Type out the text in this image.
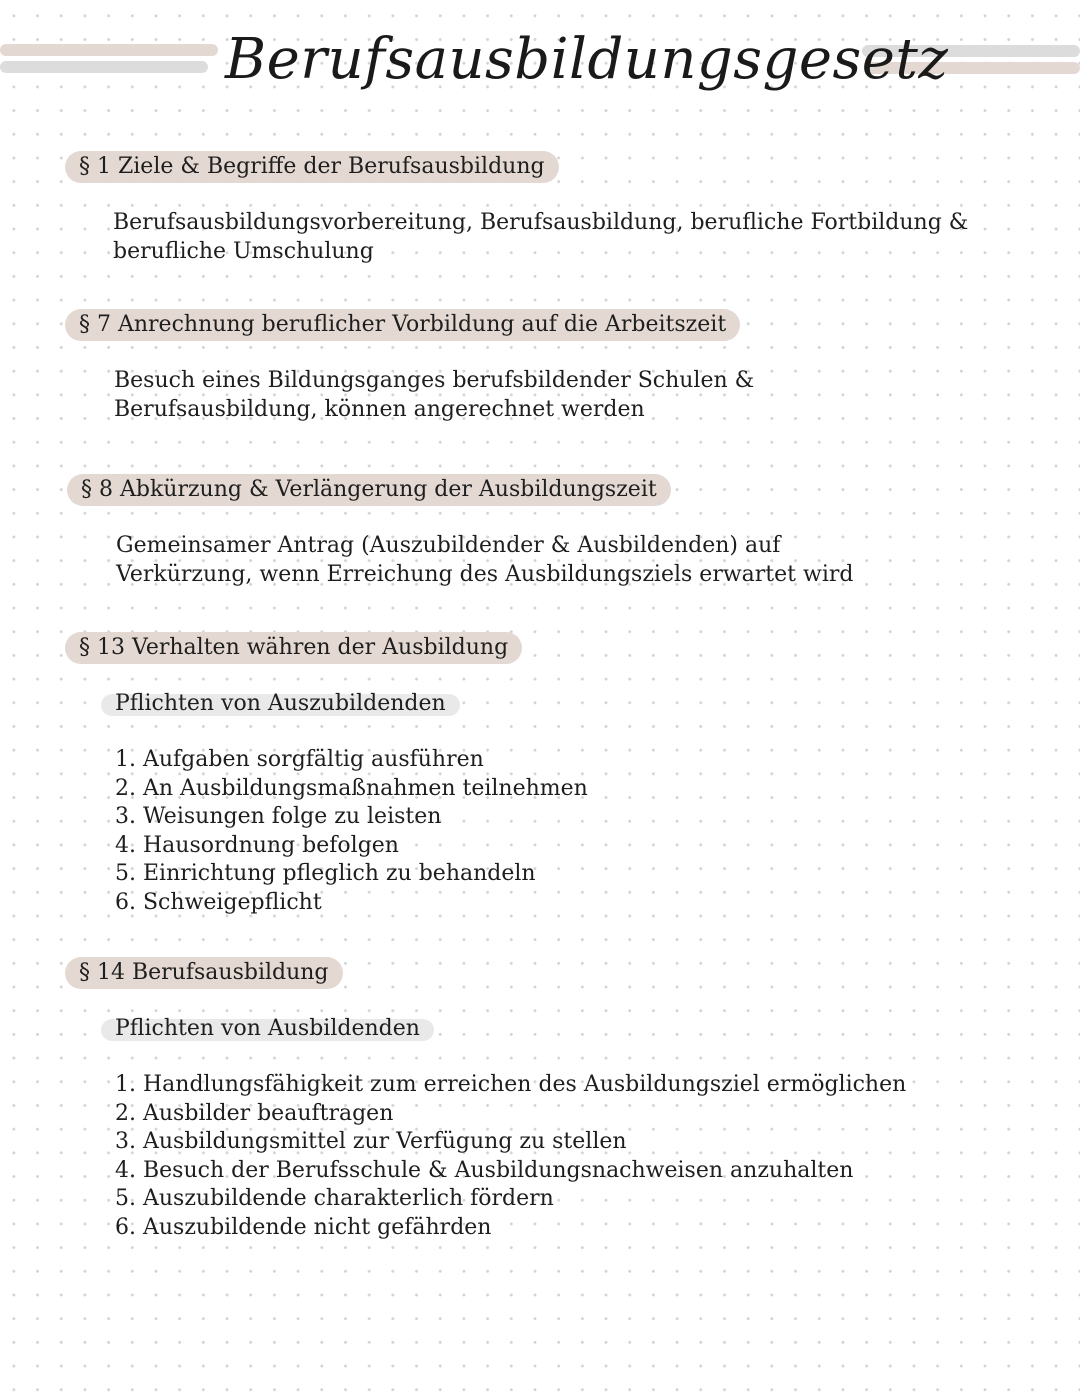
Berufsausbildungsgesetz
§ 1 Ziele & Begriffe der Berufsausbildung
Berufsausbildungsvorbereitung, Berufsausbildung, berufliche Fortbildung &
berufliche Umschulung
§ 7 Anrechnung beruflicher Vorbildung auf die Arbeitszeit
Besuch eines Bildungsganges berufsbildender Schulen &
Berufsausbildung, können angerechnet werden
§ 8 Abkürzung & Verlängerung der Ausbildungszeit
Gemeinsamer Antrag (Auszubildender & Ausbildenden) auf
Verkürzung, wenn Erreichung des Ausbildungsziels erwartet wird
§ 13 Verhalten währen der Ausbildung
Pflichten von Auszubildenden
1. Aufgaben sorgfältig ausführen
2. An Ausbildungsmaßnahmen teilnehmen
3. Weisungen folge zu leisten
4. Hausordnung befolgen
5. Einrichtung pfleglich zu behandeln
6. Schweigepflicht
§ 14 Berufsausbildung
Pflichten von Ausbildenden
1. Handlungsfähigkeit zum erreichen des Ausbildungsziel ermöglichen
2. Ausbilder beauftragen
3. Ausbildungsmittel zur Verfügung zu stellen
4. Besuch der Berufsschule & Ausbildungsnachweisen anzuhalten
5. Auszubildende charakterlich fördern
6. Auszubildende nicht gefährden
